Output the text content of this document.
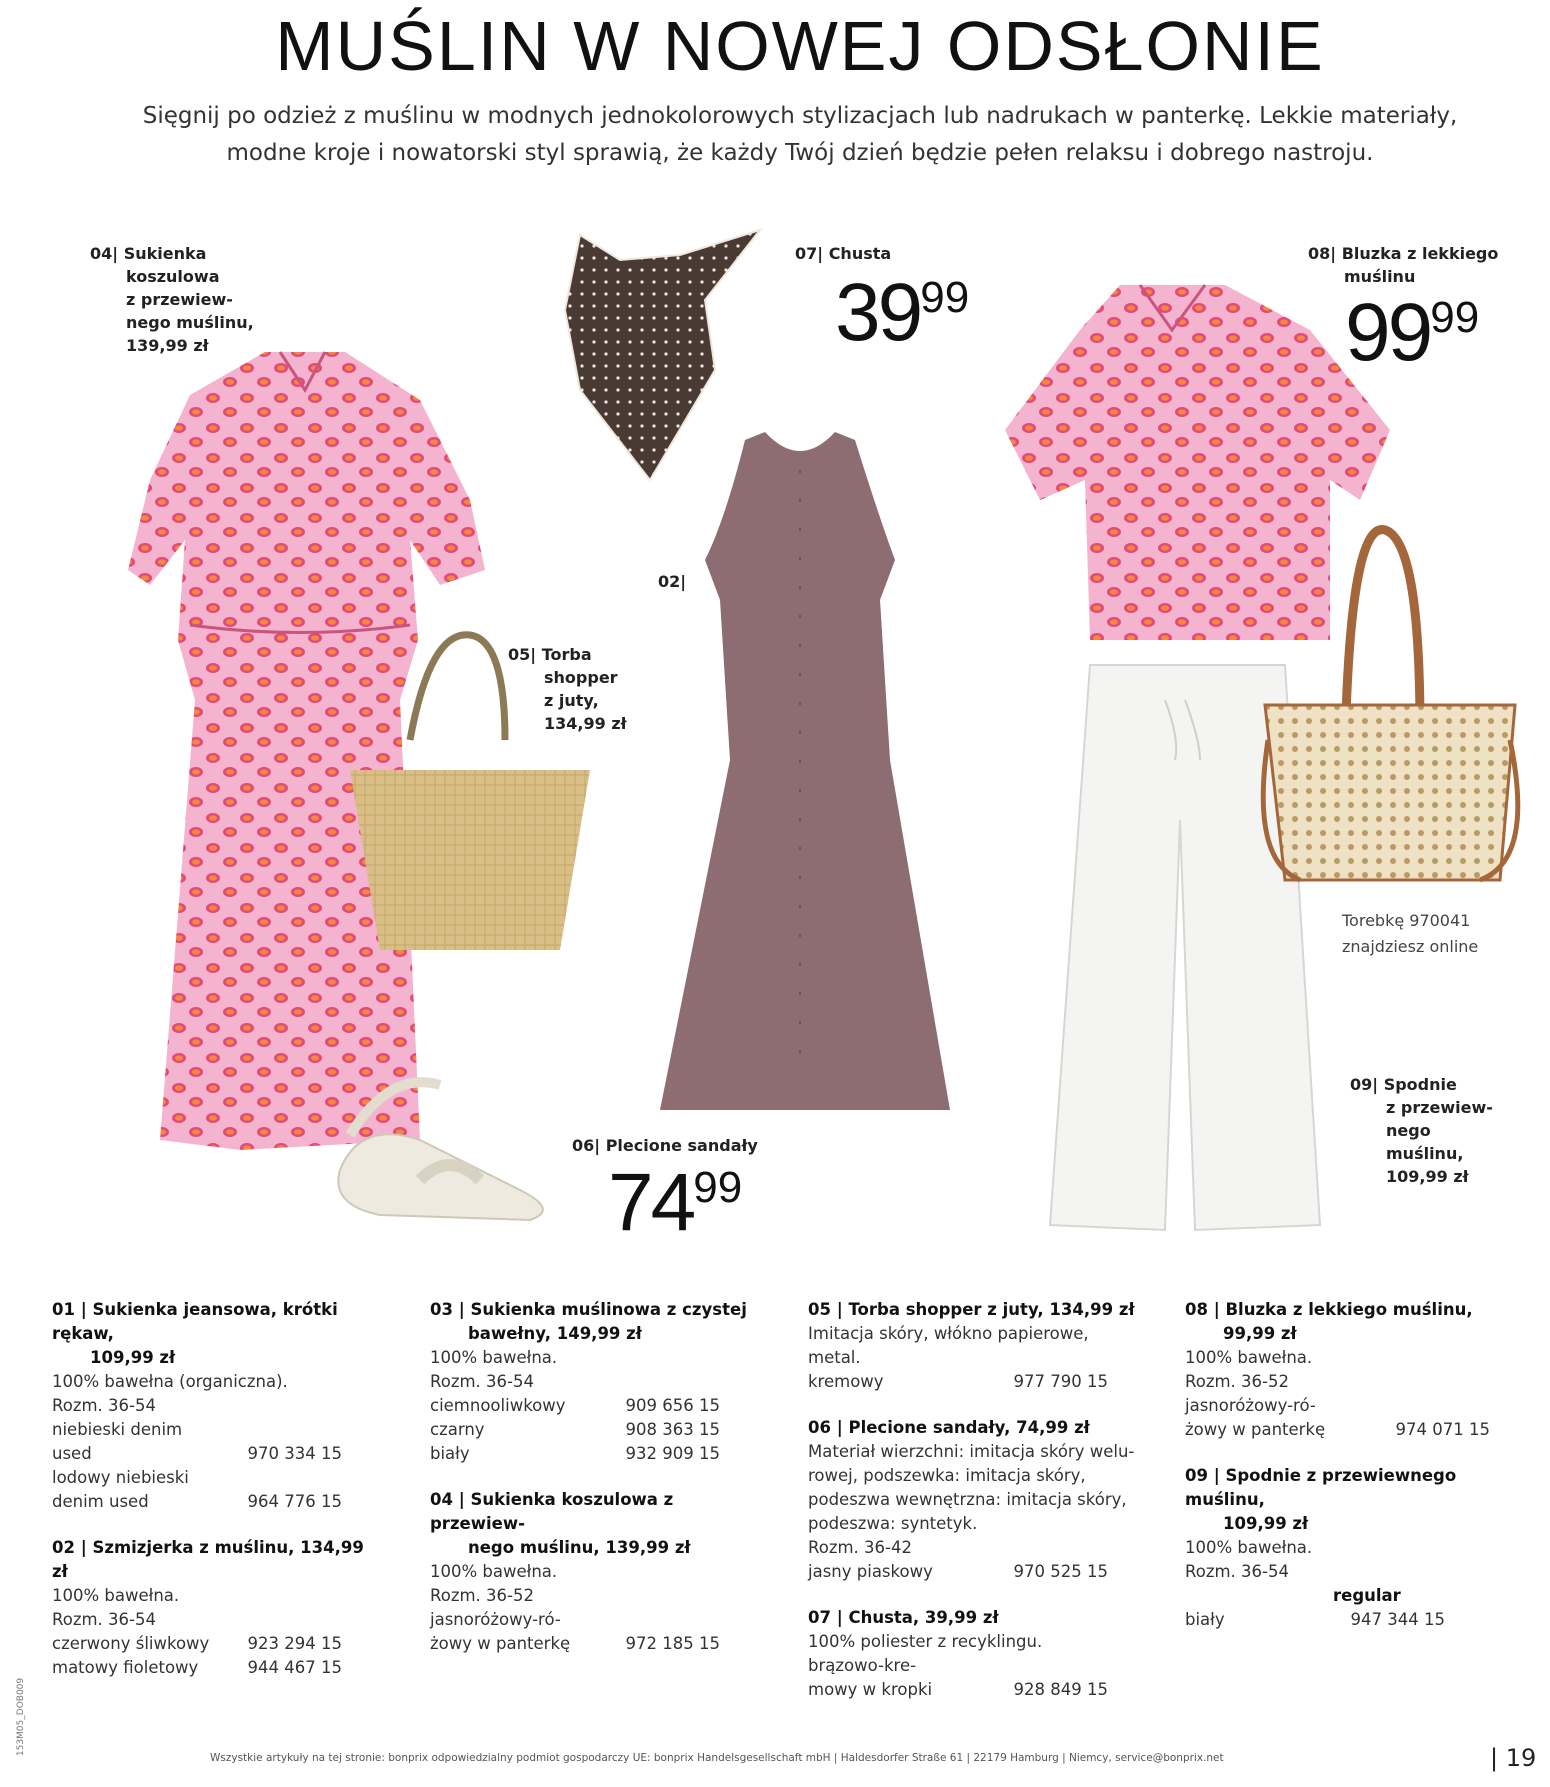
MUŚLIN W NOWEJ ODSŁONIE
Sięgnij po odzież z muślinu w modnych jednokolorowych stylizacjach lub nadrukach w panterkę. Lekkie materiały,
modne kroje i nowatorski styl sprawią, że każdy Twój dzień będzie pełen relaksu i dobrego nastroju.
04| Sukienka
koszulowa
z przewiew-
nego muślinu,
139,99 zł
07| Chusta
3999
08| Bluzka z lekkiego
muślinu
9999
05| Torba
shopper
z juty,
134,99 zł
02|
06| Plecione sandały
7499
Torebkę 970041
znajdziesz online
09| Spodnie
z przewiew-
nego
muślinu,
109,99 zł
01 | Sukienka jeansowa, krótki rękaw,
109,99 zł
100% bawełna (organiczna).
Rozm. 36-54
niebieski denim
used	970 334 15
lodowy niebieski
denim used	964 776 15
02 | Szmizjerka z muślinu, 134,99 zł
100% bawełna.
Rozm. 36-54
czerwony śliwkowy 923 294 15
matowy fioletowy	944 467 15
03 | Sukienka muślinowa z czystej
bawełny, 149,99 zł
100% bawełna.
Rozm. 36-54
ciemnooliwkowy	909 656 15
czarny	908 363 15
biały	932 909 15
04 | Sukienka koszulowa z przewiew-
nego muślinu, 139,99 zł
100% bawełna.
Rozm. 36-52
jasnoróżowy-ró-
żowy w panterkę	972 185 15
05 | Torba shopper z juty, 134,99 zł
Imitacja skóry, włókno papierowe,
metal.
kremowy	977 790 15
06 | Plecione sandały, 74,99 zł
Materiał wierzchni: imitacja skóry welu-
rowej, podszewka: imitacja skóry,
podeszwa wewnętrzna: imitacja skóry,
podeszwa: syntetyk.
Rozm. 36-42
jasny piaskowy	970 525 15
07 | Chusta, 39,99 zł
100% poliester z recyklingu.
brązowo-kre-
mowy w kropki	928 849 15
08 | Bluzka z lekkiego muślinu,
99,99 zł
100% bawełna.
Rozm. 36-52
jasnoróżowy-ró-
żowy w panterkę	974 071 15
09 | Spodnie z przewiewnego muślinu,
109,99 zł
100% bawełna.
Rozm. 36-54
regular
biały	947 344 15
Wszystkie artykuły na tej stronie: bonprix odpowiedzialny podmiot gospodarczy UE: bonprix Handelsgesellschaft mbH | Haldesdorfer Straße 61 | 22179 Hamburg | Niemcy, service@bonprix.net	| 19
153M05_DOB009
